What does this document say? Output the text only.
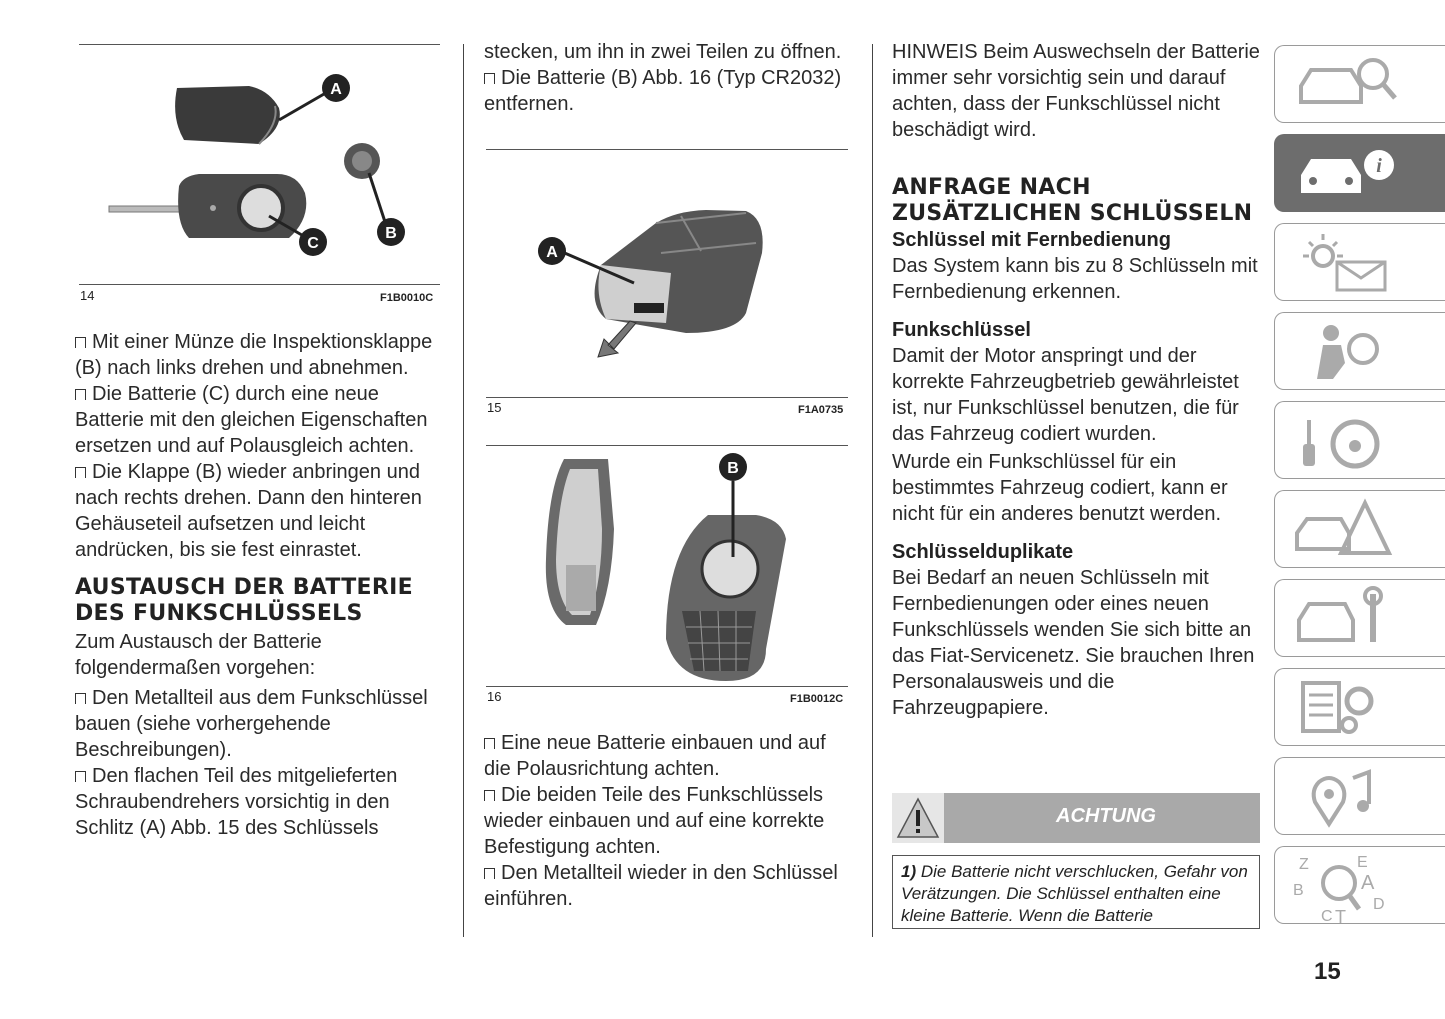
A
B
C
14	F1B0010C

Mit einer Münze die Inspektionsklappe (B) nach links drehen und abnehmen.

Die Batterie (C) durch eine neue Batterie mit den gleichen Eigenschaften ersetzen und auf Polausgleich achten.

Die Klappe (B) wieder anbringen und nach rechts drehen. Dann den hinteren Gehäuseteil aufsetzen und leicht andrücken, bis sie fest einrastet.

AUSTAUSCH DER BATTERIE DES FUNKSCHLÜSSELS

Zum Austausch der Batterie folgendermaßen vorgehen:

Den Metallteil aus dem Funkschlüssel bauen (siehe vorhergehende Beschreibungen).

Den flachen Teil des mitgelieferten Schraubendrehers vorsichtig in den Schlitz (A) Abb. 15 des Schlüssels

stecken, um ihn in zwei Teilen zu öffnen.

Die Batterie (B) Abb. 16 (Typ CR2032) entfernen.

A
15	F1A0735
B
16	F1B0012C

Eine neue Batterie einbauen und auf die Polausrichtung achten.

Die beiden Teile des Funkschlüssels wieder einbauen und auf eine korrekte Befestigung achten.

Den Metallteil wieder in den Schlüssel einführen.

HINWEIS Beim Auswechseln der Batterie immer sehr vorsichtig sein und darauf achten, dass der Funkschlüssel nicht beschädigt wird.

ANFRAGE NACH ZUSÄTZLICHEN SCHLÜSSELN

Schlüssel mit Fernbedienung

Das System kann bis zu 8 Schlüsseln mit Fernbedienung erkennen.

Funkschlüssel

Damit der Motor anspringt und der korrekte Fahrzeugbetrieb gewährleistet ist, nur Funkschlüssel benutzen, die für das Fahrzeug codiert wurden.

Wurde ein Funkschlüssel für ein bestimmtes Fahrzeug codiert, kann er nicht für ein anderes benutzt werden.

Schlüsselduplikate

Bei Bedarf an neuen Schlüsseln mit Fernbedienungen oder eines neuen Funkschlüssels wenden Sie sich bitte an das Fiat-Servicenetz. Sie brauchen Ihren Personalausweis und die Fahrzeugpapiere.

ACHTUNG
1) Die Batterie nicht verschlucken, Gefahr von Verätzungen. Die Schlüssel enthalten eine kleine Batterie. Wenn die Batterie
i
Z	E
B	A
C T
D
15
